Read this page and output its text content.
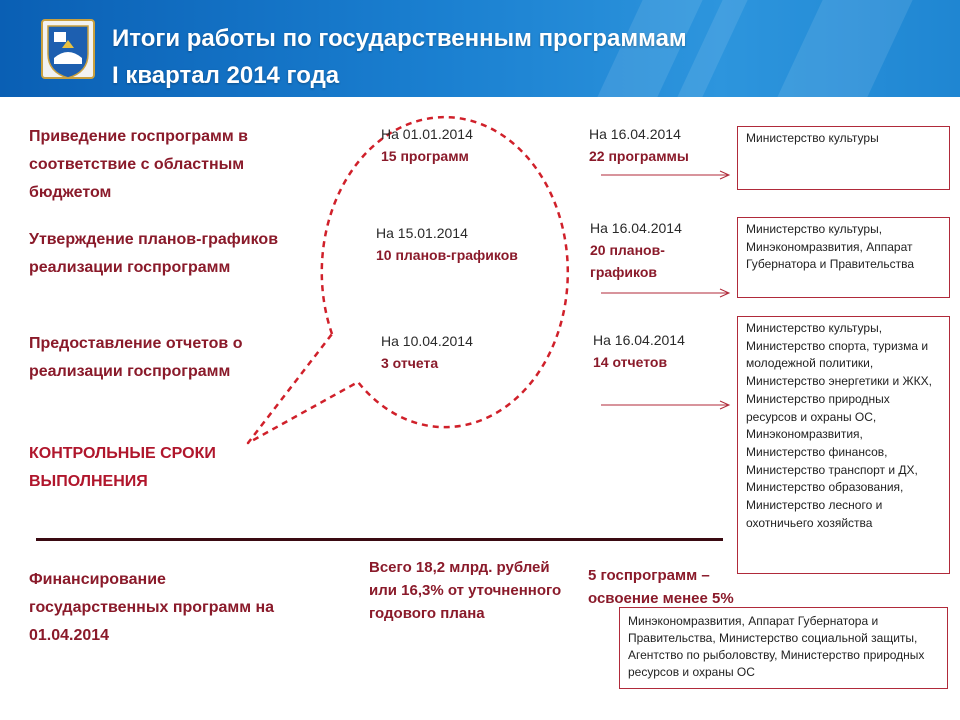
Итоги работы по государственным программам
I квартал 2014 года
Приведение госпрограмм в соответствие с областным бюджетом
Утверждение планов-графиков реализации госпрограмм
Предоставление отчетов о реализации госпрограмм
КОНТРОЛЬНЫЕ СРОКИ ВЫПОЛНЕНИЯ
На 01.01.2014
15 программ
На 15.01.2014
10 планов-графиков
На 10.04.2014
3 отчета
На 16.04.2014
22 программы
На 16.04.2014
20 планов-графиков
На 16.04.2014
14 отчетов
Министерство культуры
Министерство культуры, Минэкономразвития, Аппарат Губернатора и Правительства
Министерство культуры, Министерство спорта, туризма и молодежной политики, Министерство энергетики и ЖКХ, Министерство природных ресурсов и охраны ОС, Минэкономразвития, Министерство финансов, Министерство транспорт и ДХ, Министерство образования, Министерство лесного и охотничьего хозяйства
Финансирование государственных программ на 01.04.2014
Всего 18,2 млрд. рублей или 16,3% от уточненного годового плана
5 госпрограмм – освоение менее 5%
Минэкономразвития, Аппарат Губернатора и Правительства, Министерство социальной защиты, Агентство по рыболовству, Министерство природных ресурсов и охраны ОС
